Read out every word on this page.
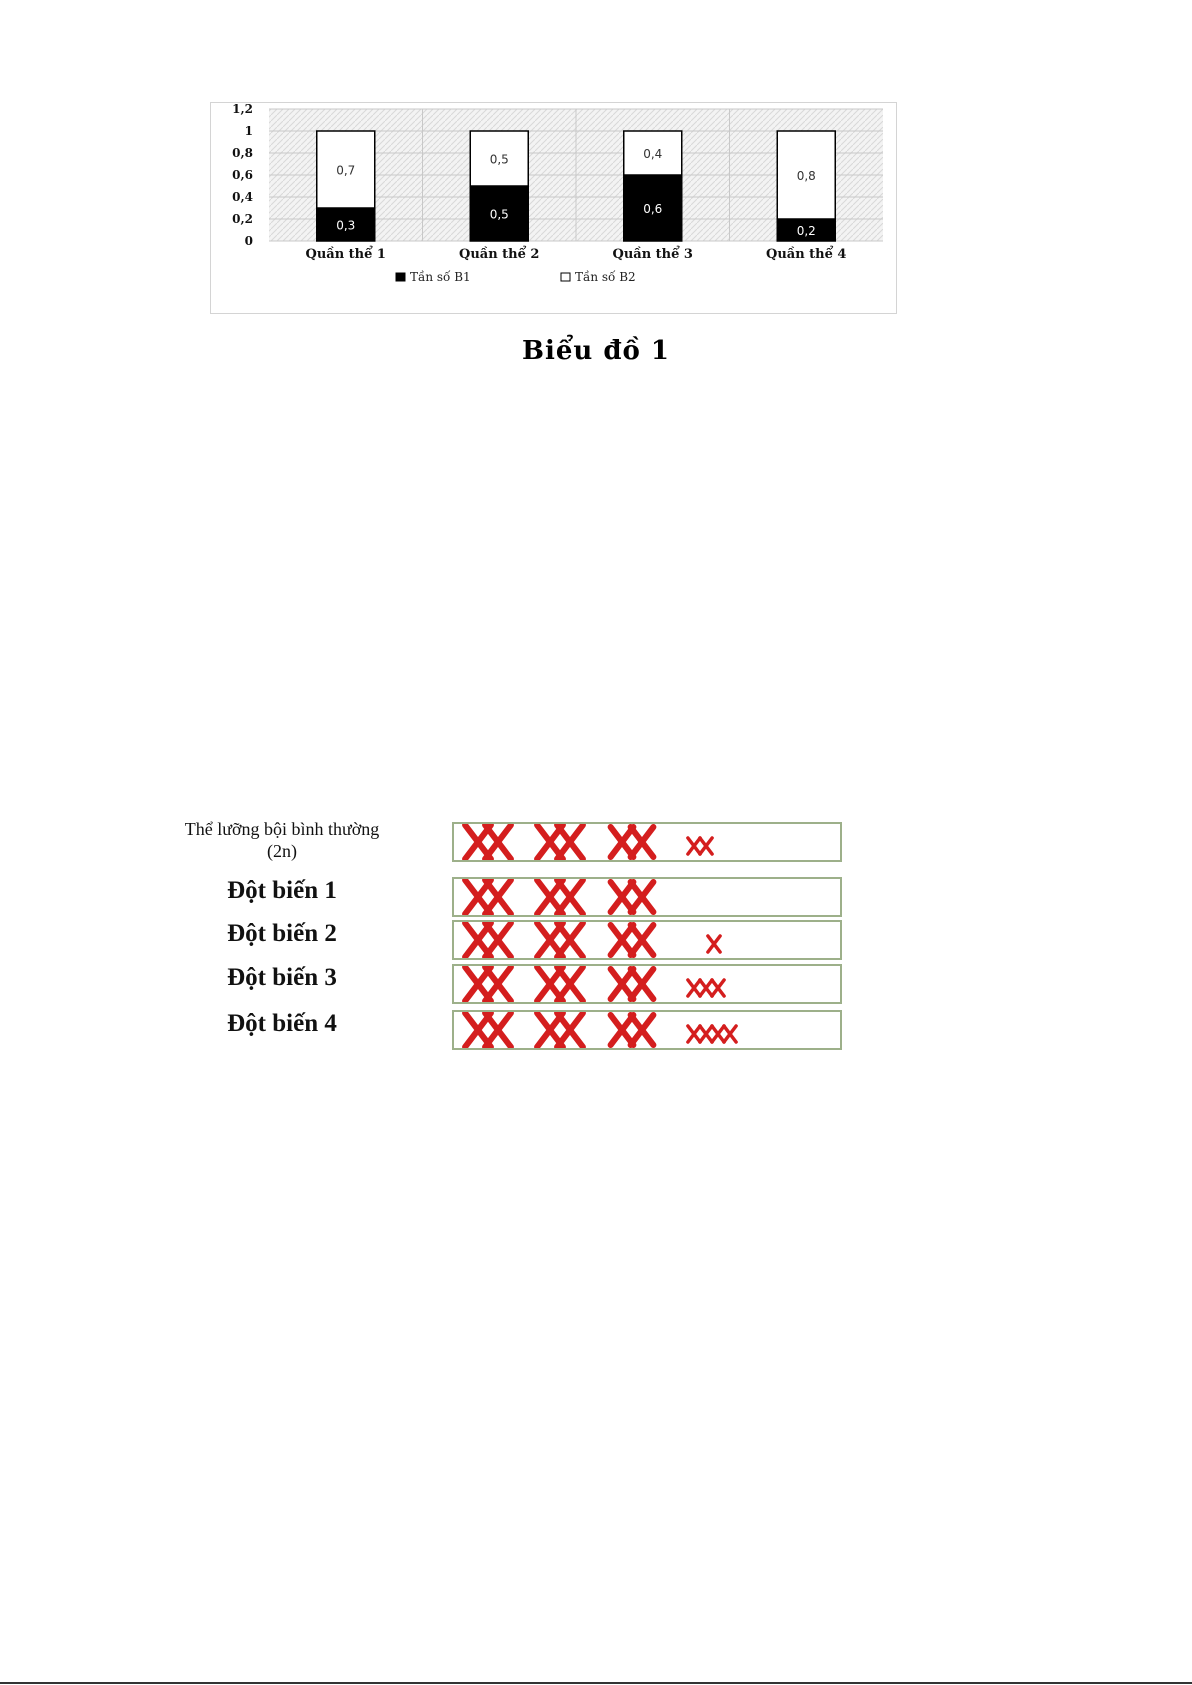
0
0,2
0,4
0,6
0,8
1
1,2
0,3
0,7
Quần thể 1
0,5
0,5
Quần thể 2
0,6
0,4
Quần thể 3
0,2
0,8
Quần thể 4
Tần số B1	Tần số B2
Biểu đồ 1
Thể lưỡng bội bình thường
(2n)
Đột biến 1
Đột biến 2
Đột biến 3
Đột biến 4
